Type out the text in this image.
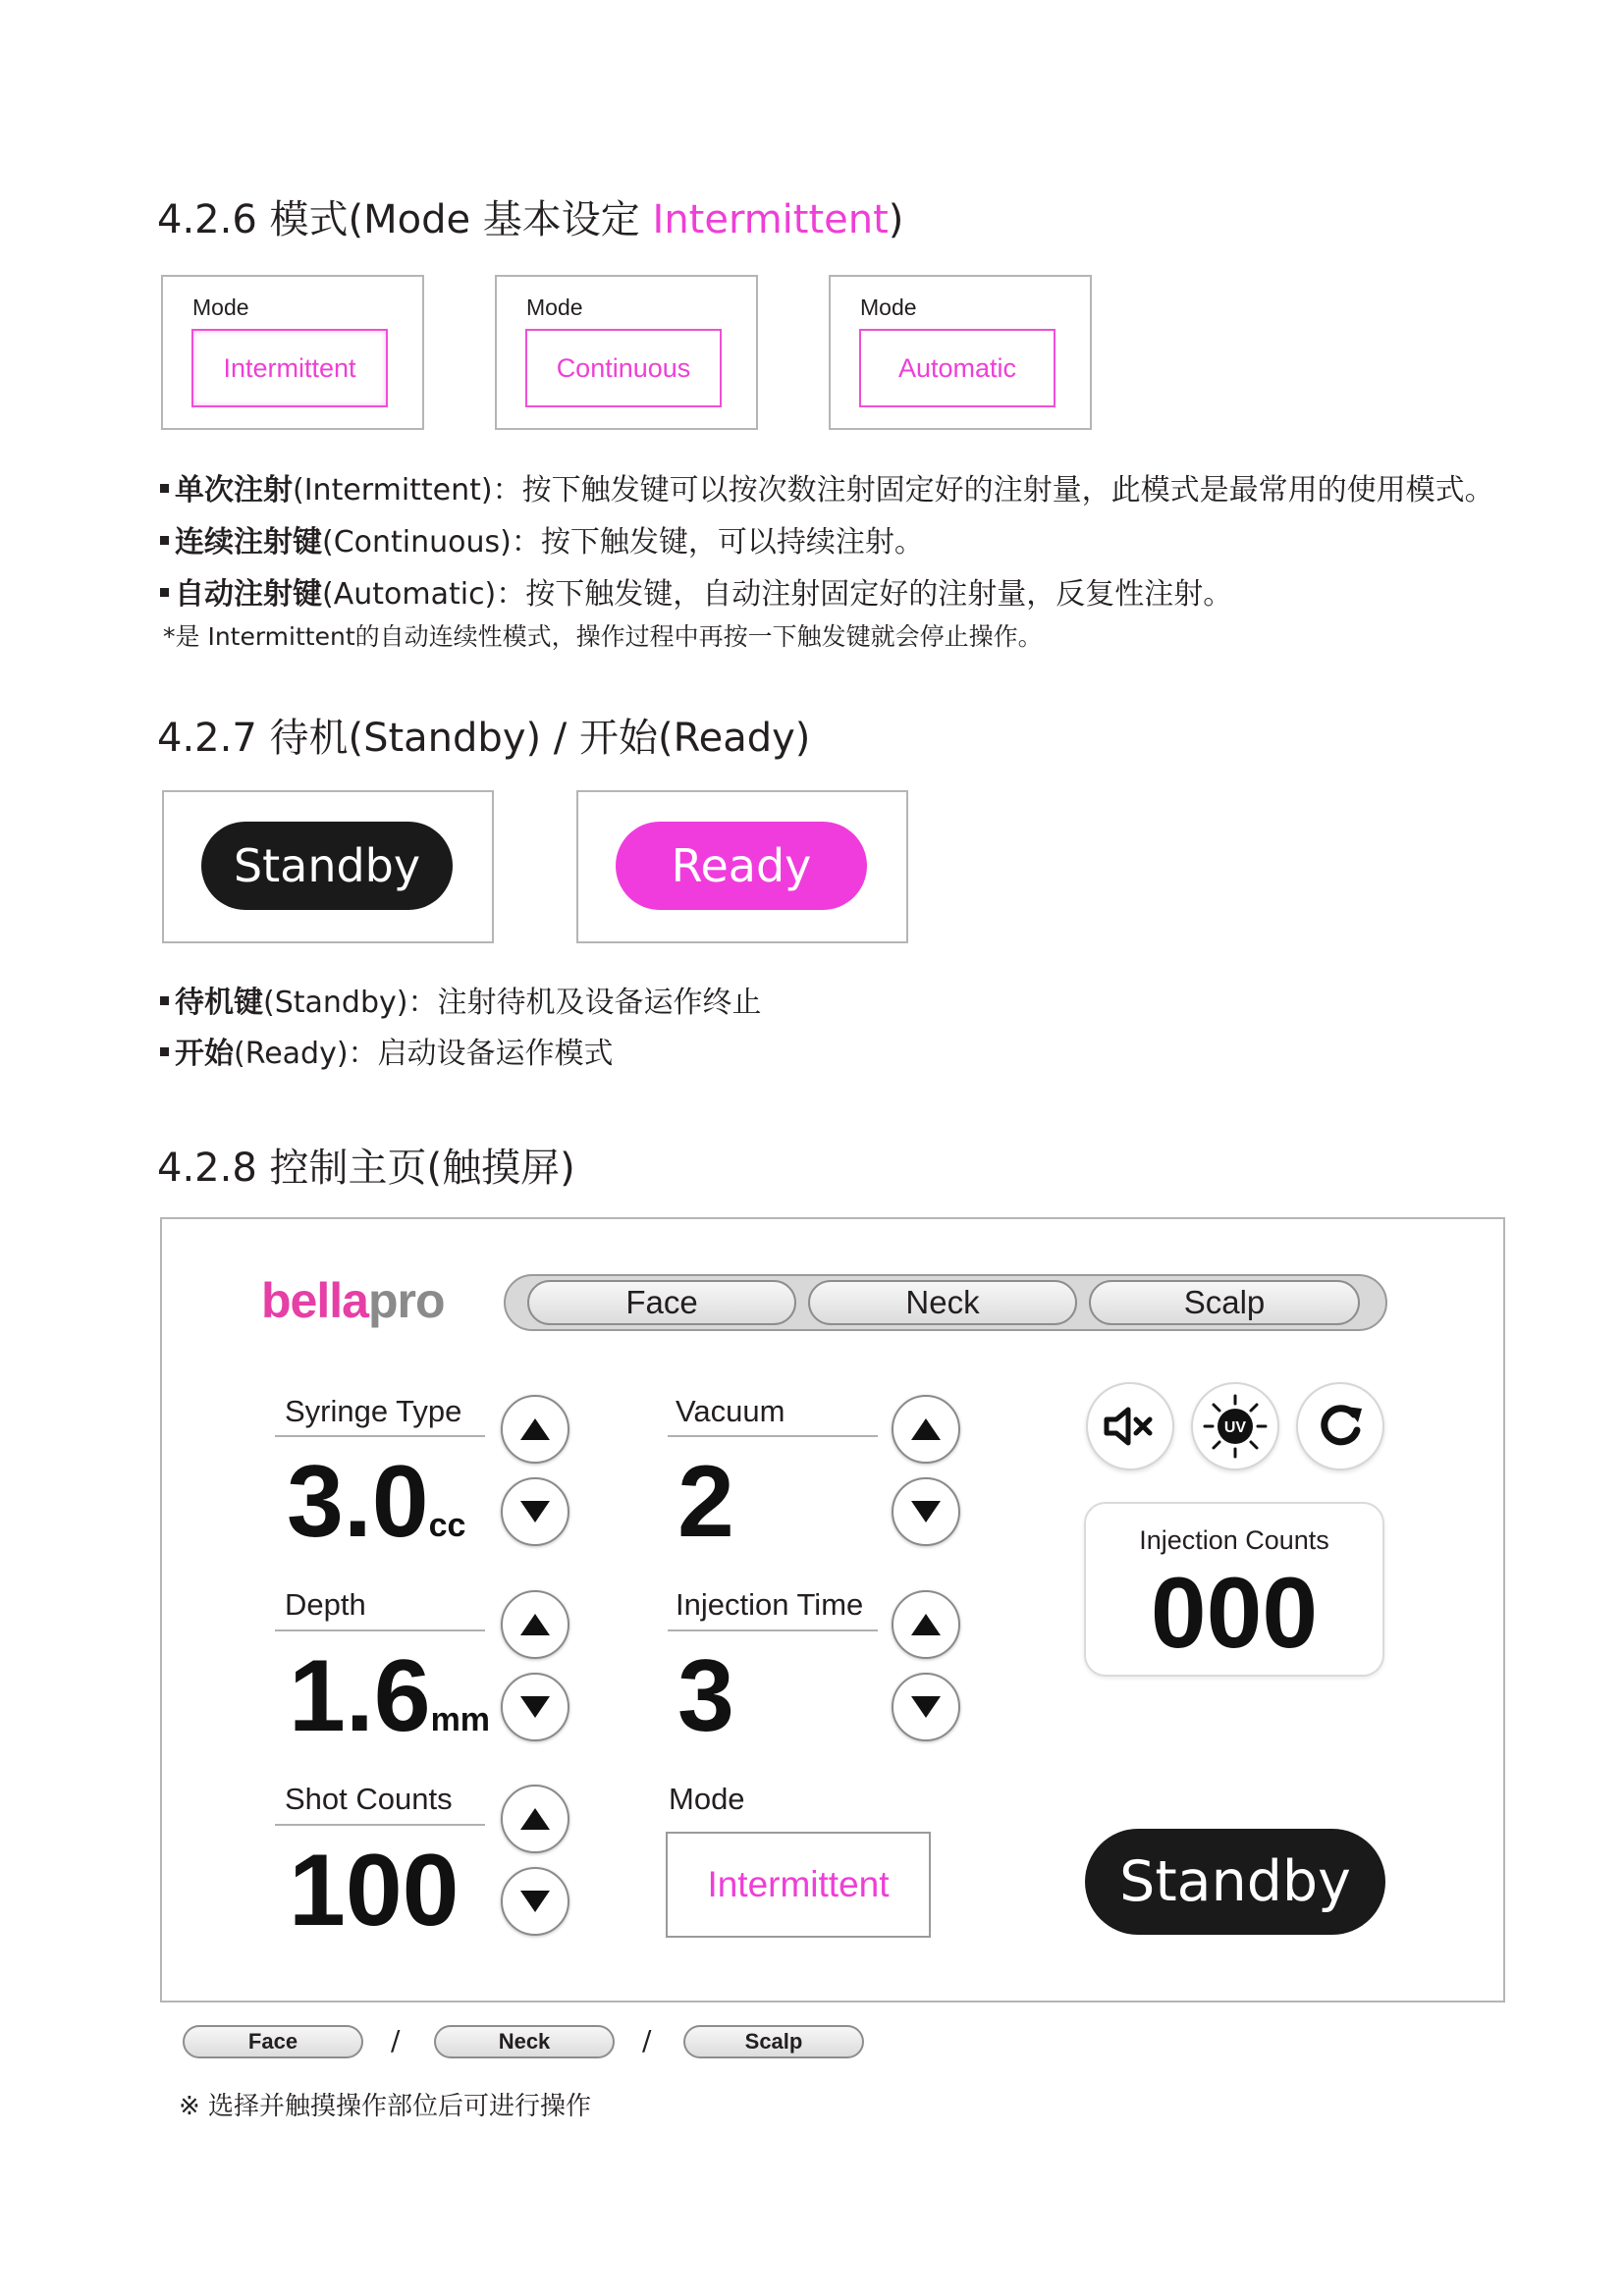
4.2.6 模式(Mode 基本设定 Intermittent)
Mode
Intermittent
Mode
Continuous
Mode
Automatic
单次注射(Intermittent)：按下触发键可以按次数注射固定好的注射量，此模式是最常用的使用模式。
连续注射键(Continuous)：按下触发键，可以持续注射。
自动注射键(Automatic)：按下触发键，自动注射固定好的注射量，反复性注射。
*是 Intermittent的自动连续性模式，操作过程中再按一下触发键就会停止操作。
4.2.7 待机(Standby) / 开始(Ready)
Standby	Ready
待机键(Standby)：注射待机及设备运作终止
开始(Ready)：启动设备运作模式
4.2.8 控制主页(触摸屏)
bellapro	Face	Neck	Scalp
Syringe Type
3.0cc
Depth
1.6mm
Shot Counts
100
Vacuum
2
Injection Time
3
Mode
Intermittent
UV
Injection Counts
000
Standby
Face	/	Neck	/	Scalp
※ 选择并触摸操作部位后可进行操作
